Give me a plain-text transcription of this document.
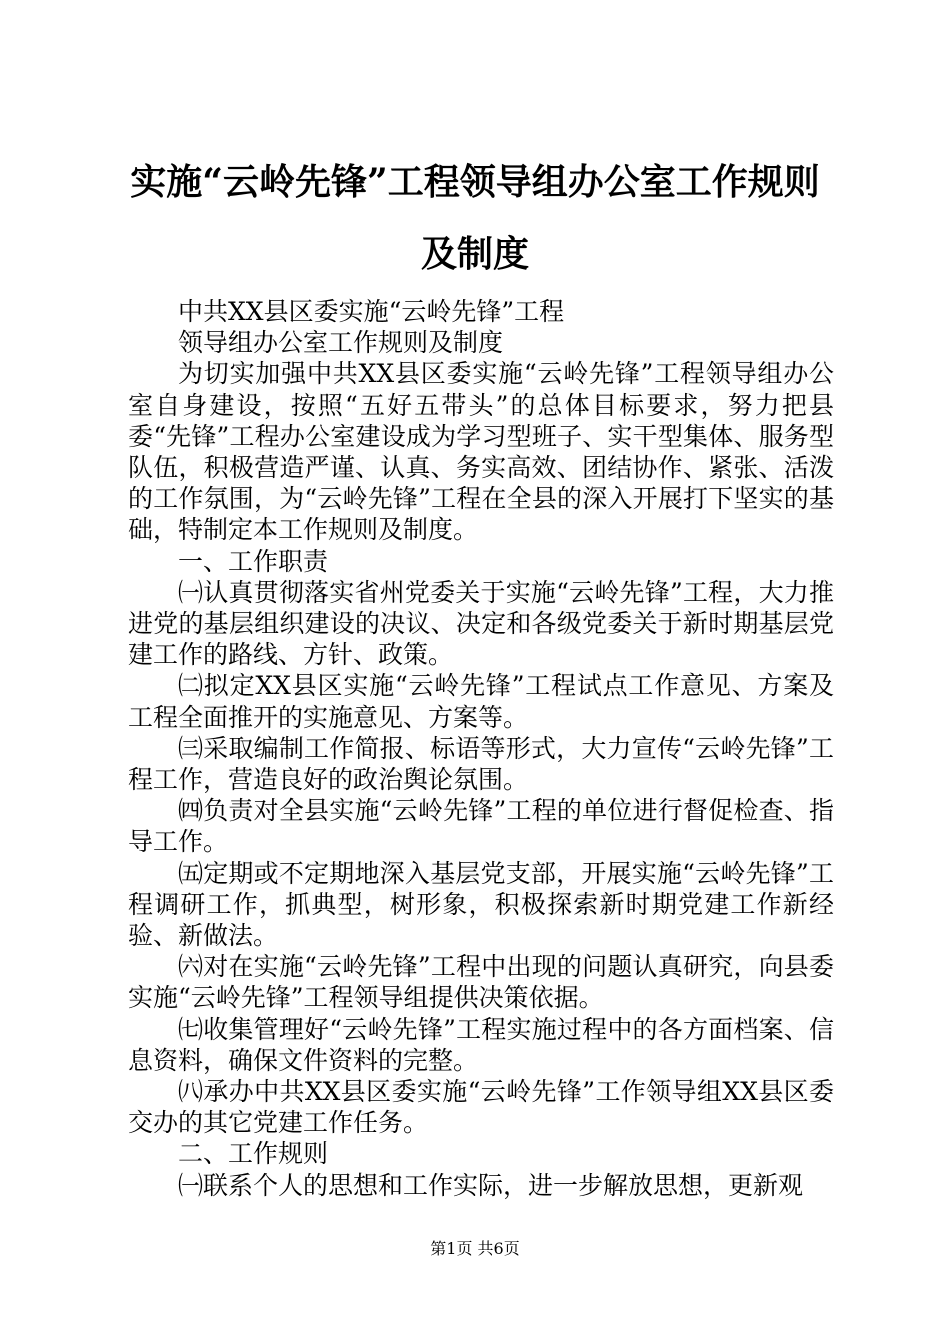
实施“云岭先锋”工程领导组办公室工作规则
及制度

中共XX县区委实施“云岭先锋”工程

领导组办公室工作规则及制度

为切实加强中共XX县区委实施“云岭先锋”工程领导组办公室自身建设，按照“五好五带头”的总体目标要求，努力把县委“先锋”工程办公室建设成为学习型班子、实干型集体、服务型队伍，积极营造严谨、认真、务实高效、团结协作、紧张、活泼的工作氛围，为“云岭先锋”工程在全县的深入开展打下坚实的基础，特制定本工作规则及制度。

一、工作职责

㈠认真贯彻落实省州党委关于实施“云岭先锋”工程，大力推进党的基层组织建设的决议、决定和各级党委关于新时期基层党建工作的路线、方针、政策。

㈡拟定XX县区实施“云岭先锋”工程试点工作意见、方案及工程全面推开的实施意见、方案等。

㈢采取编制工作简报、标语等形式，大力宣传“云岭先锋”工程工作，营造良好的政治舆论氛围。

㈣负责对全县实施“云岭先锋”工程的单位进行督促检查、指导工作。

㈤定期或不定期地深入基层党支部，开展实施“云岭先锋”工程调研工作，抓典型，树形象，积极探索新时期党建工作新经验、新做法。

㈥对在实施“云岭先锋”工程中出现的问题认真研究，向县委实施“云岭先锋”工程领导组提供决策依据。

㈦收集管理好“云岭先锋”工程实施过程中的各方面档案、信息资料，确保文件资料的完整。

㈧承办中共XX县区委实施“云岭先锋”工作领导组XX县区委交办的其它党建工作任务。

二、工作规则

㈠联系个人的思想和工作实际，进一步解放思想，更新观

第1页 共6页
